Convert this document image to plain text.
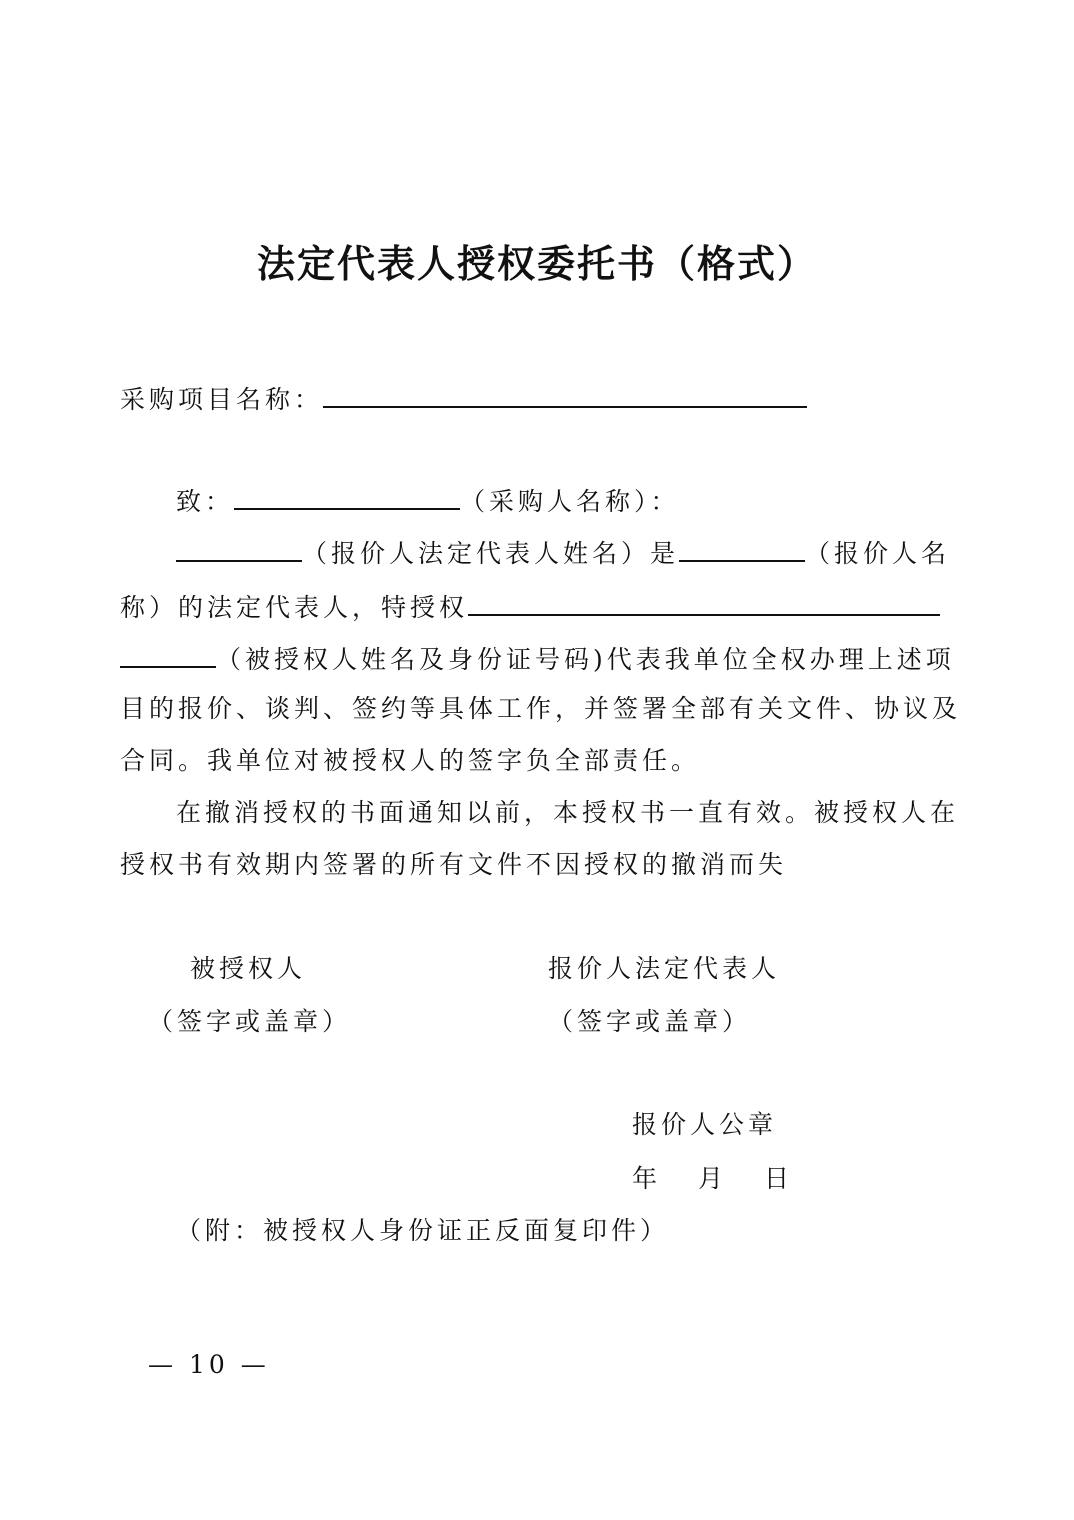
法定代表人授权委托书（格式）
采购项目名称：
致：	（采购人名称）：
（报价人法定代表人姓名）是	（报价人名
称）的法定代表人，特授权
（被授权人姓名及身份证号码)代表我单位全权办理上述项
目的报价、谈判、签约等具体工作，并签署全部有关文件、协议及
合同。我单位对被授权人的签字负全部责任。
在撤消授权的书面通知以前，本授权书一直有效。被授权人在
授权书有效期内签署的所有文件不因授权的撤消而失
被授权人
（签字或盖章）
报价人法定代表人
（签字或盖章）
报价人公章
年　月　日
（附：被授权人身份证正反面复印件）
— 10 —
